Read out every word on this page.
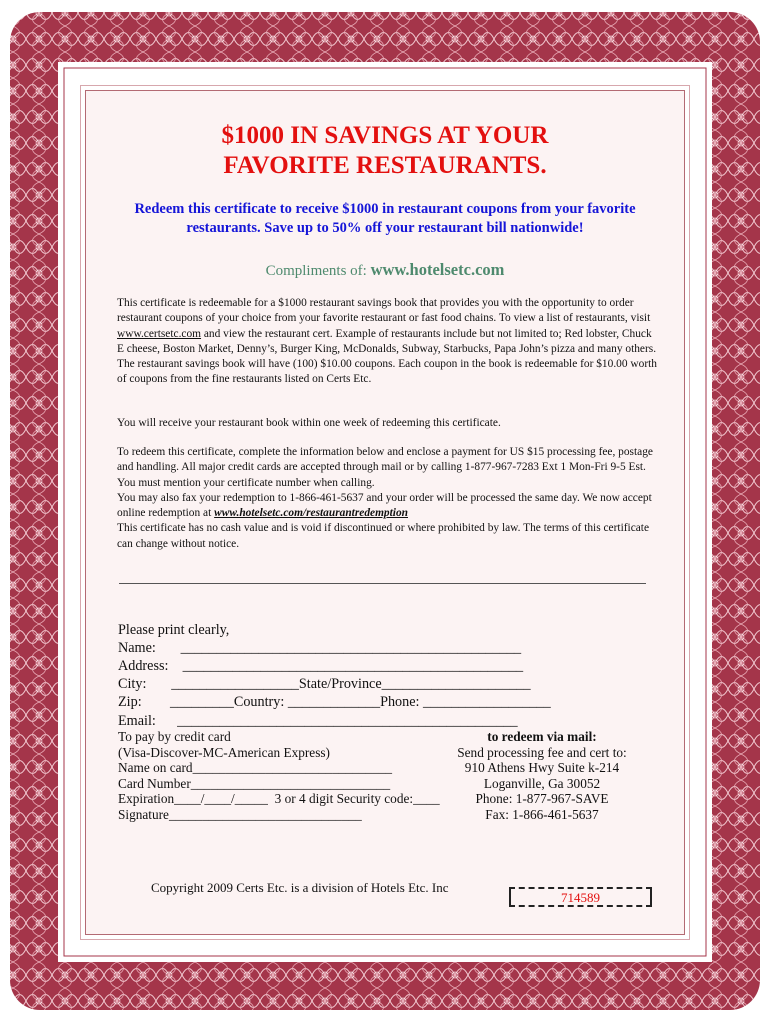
$1000 IN SAVINGS AT YOUR
FAVORITE RESTAURANTS.
Redeem this certificate to receive $1000 in restaurant coupons from your favorite
restaurants. Save up to 50% off your restaurant bill nationwide!
Compliments of: www.hotelsetc.com
This certificate is redeemable for a $1000 restaurant savings book that provides you with the opportunity to order restaurant coupons of your choice from your favorite restaurant or fast food chains. To view a list of restaurants, visit www.certsetc.com and view the restaurant cert. Example of restaurants include but not limited to; Red lobster, Chuck E cheese, Boston Market, Denny’s, Burger King, McDonalds, Subway, Starbucks, Papa John’s pizza and many others. The restaurant savings book will have (100) $10.00 coupons. Each coupon in the book is redeemable for $10.00 worth of coupons from the fine restaurants listed on Certs Etc.
You will receive your restaurant book within one week of redeeming this certificate.
To redeem this certificate, complete the information below and enclose a payment for US $15 processing fee, postage and handling. All major credit cards are accepted through mail or by calling 1-877-967-7283 Ext 1 Mon-Fri 9-5 Est. You must mention your certificate number when calling.
You may also fax your redemption to 1-866-461-5637 and your order will be processed the same day. We now accept online redemption at www.hotelsetc.com/restaurantredemption
This certificate has no cash value and is void if discontinued or where prohibited by law. The terms of this certificate can change without notice.

Please print clearly,
Name:       ________________________________________________
Address:    ________________________________________________
City:       __________________State/Province_____________________
Zip:        _________Country: _____________Phone: __________________
Email:      ________________________________________________

To pay by credit card
(Visa-Discover-MC-American Express)
Name on card______________________________
Card Number______________________________
Expiration____/____/_____  3 or 4 digit Security code:____
Signature_____________________________
to redeem via mail:
Send processing fee and cert to:
910 Athens Hwy Suite k-214
Loganville, Ga 30052
Phone: 1-877-967-SAVE
Fax: 1-866-461-5637
Copyright 2009 Certs Etc. is a division of Hotels Etc. Inc
714589
